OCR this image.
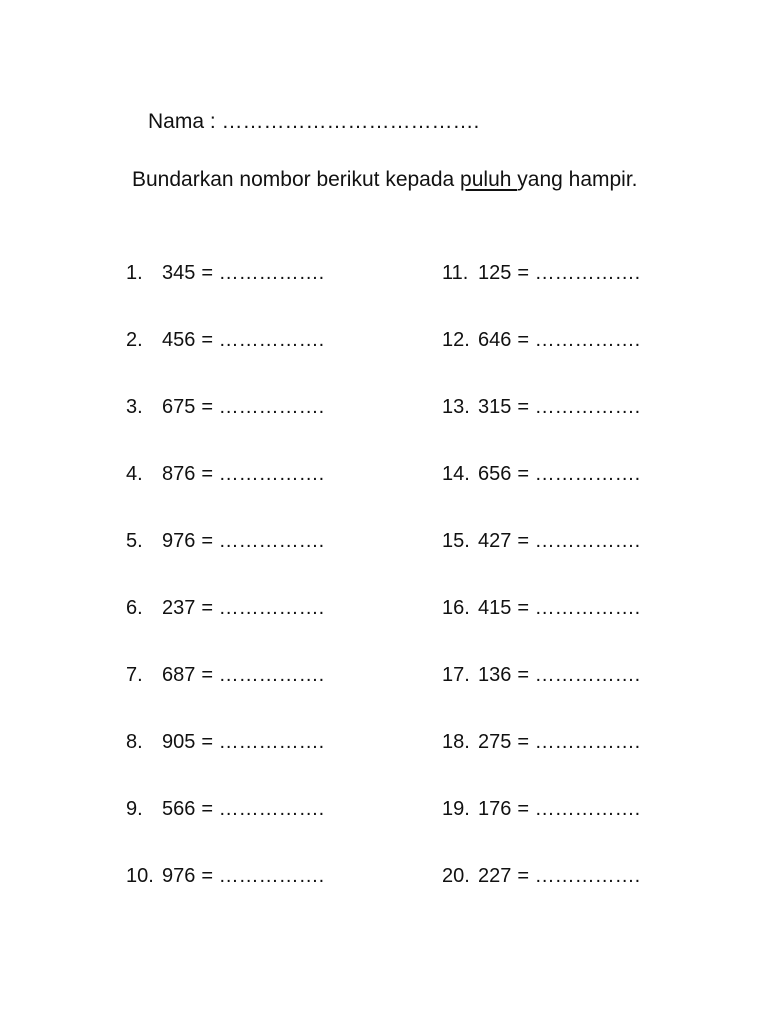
Nama : ……………………………….
Bundarkan nombor berikut kepada puluh yang hampir.
1. 345 = …………….
2. 456 = …………….
3. 675 = …………….
4. 876 = …………….
5. 976 = …………….
6. 237 = …………….
7. 687 = …………….
8. 905 = …………….
9. 566 = …………….
10. 976 = …………….
11. 125 = …………….
12. 646 = …………….
13. 315 = …………….
14. 656 = …………….
15. 427 = …………….
16. 415 = …………….
17. 136 = …………….
18. 275 = …………….
19. 176 = …………….
20. 227 = …………….
